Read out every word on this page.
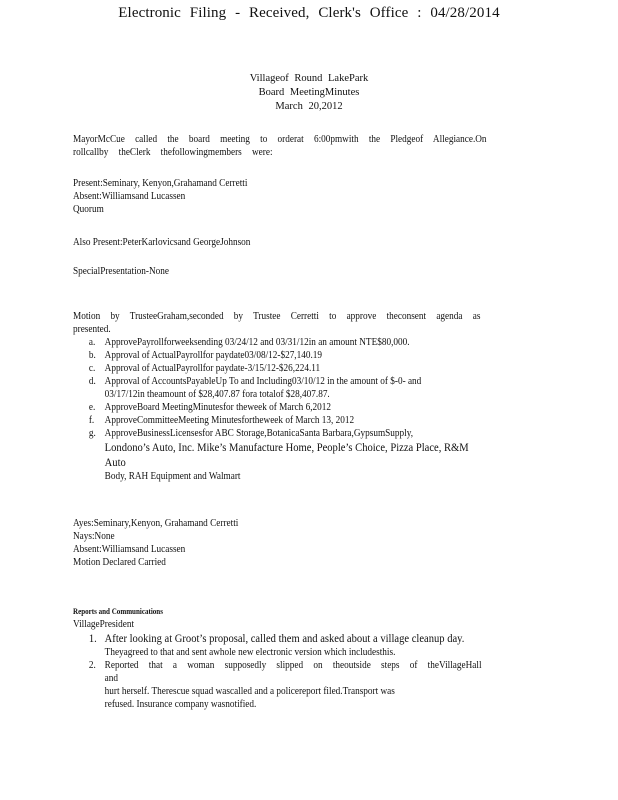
Electronic Filing - Received, Clerk's Office : 04/28/2014
Villageof Round LakePark
Board MeetingMinutes
March 20,2012

MayorMcCue called the board meeting to orderat 6:00pmwith the Pledgeof Allegiance.On

rollcallby theClerk thefollowingmembers were:

Present:Seminary, Kenyon,Grahamand Cerretti

Absent:Williamsand Lucassen

Quorum

Also Present:PeterKarlovicsand GeorgeJohnson

SpecialPresentation-None

Motion by TrusteeGraham,seconded by Trustee Cerretti to approve theconsent agenda as

presented.

a. ApprovePayrollforweeksending 03/24/12 and 03/31/12in an amount NTE$80,000.
b. Approval of ActualPayrollfor paydate03/08/12-$27,140.19
c. Approval of ActualPayrollfor paydate-3/15/12-$26,224.11
d. Approval of AccountsPayableUp To and Including03/10/12 in the amount of $-0- and
03/17/12in theamount of $28,407.87 fora totalof $28,407.87.
e. ApproveBoard MeetingMinutesfor theweek of March 6,2012
f. ApproveCommitteeMeeting Minutesfortheweek of March 13, 2012
g. ApproveBusinessLicensesfor ABC Storage,BotanicaSanta Barbara,GypsumSupply,
Londono’s Auto, Inc. Mike’s Manufacture Home, People’s Choice, Pizza Place, R&M Auto
Body, RAH Equipment and Walmart

Ayes:Seminary,Kenyon, Grahamand Cerretti

Nays:None

Absent:Williamsand Lucassen

Motion Declared Carried

Reports and Communications

VillagePresident

1. After looking at Groot’s proposal, called them and asked about a village cleanup day.
Theyagreed to that and sent awhole new electronic version which includesthis.
2. Reported that a woman supposedly slipped on theoutside steps of theVillageHall and
hurt herself. Therescue squad wascalled and a policereport filed.Transport was
refused. Insurance company wasnotified.
